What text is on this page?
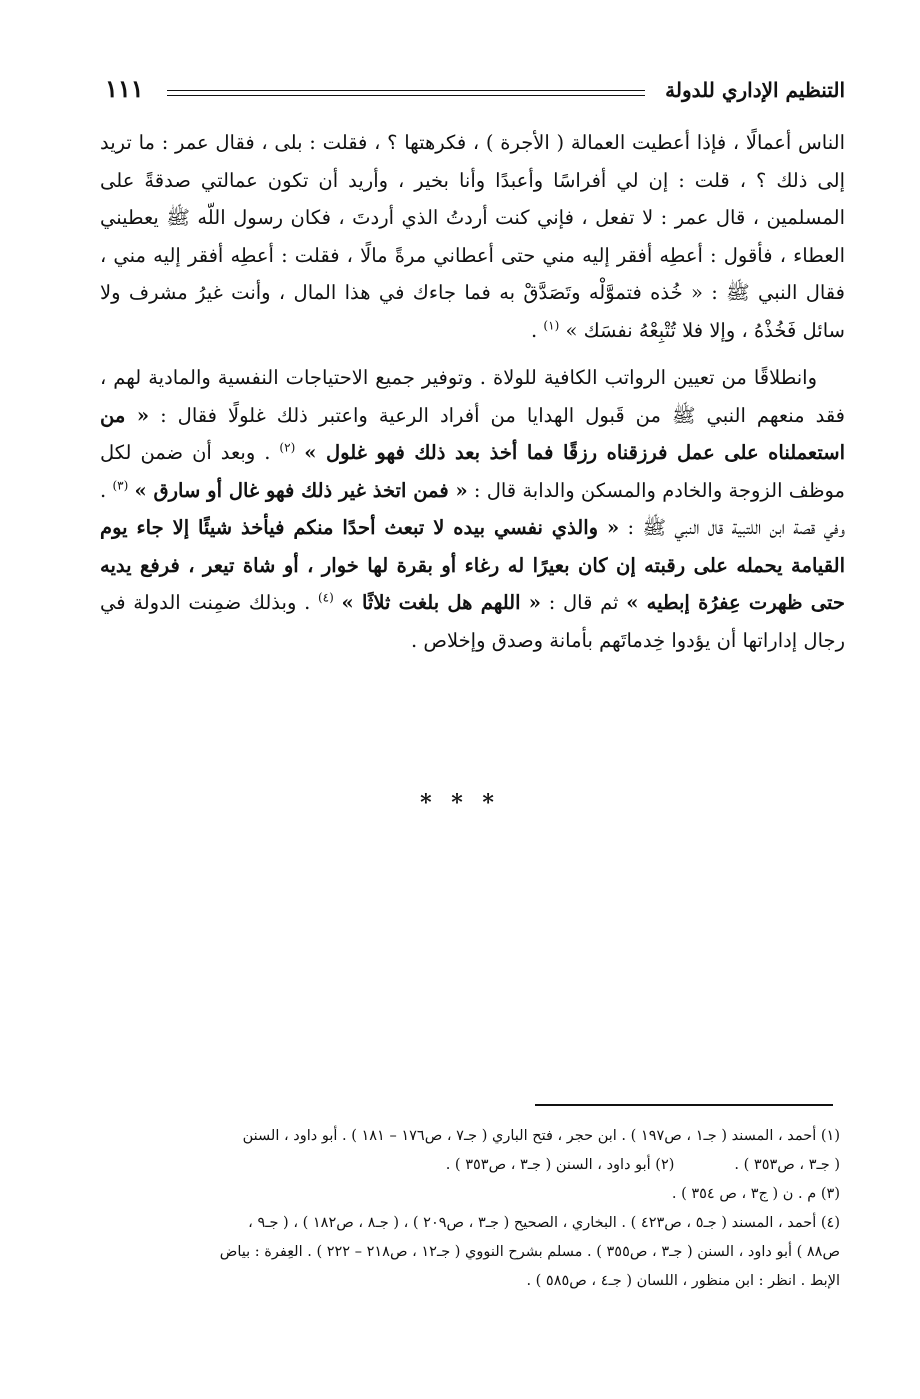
التنظيم الإداري للدولة
١١١

الناس أعمالًا ، فإذا أعطيت العمالة ( الأجرة ) ، فكرهتها ؟ ، فقلت : بلى ، فقال عمر : ما تريد إلى ذلك ؟ ، قلت : إن لي أفراسًا وأعبدًا وأنا بخير ، وأريد أن تكون عمالتي صدقةً على المسلمين ، قال عمر : لا تفعل ، فإني كنت أردتُ الذي أردتَ ، فكان رسول اللّه ﷺ يعطيني العطاء ، فأقول : أعطِه أفقر إليه مني حتى أعطاني مرةً مالًا ، فقلت : أعطِه أفقر إليه مني ، فقال النبي ﷺ : « خُذه فتموَّلْه وتَصَدَّقْ به فما جاءك في هذا المال ، وأنت غيرُ مشرف ولا سائل فَخُذْهُ ، وإلا فلا تُتْبِعْهُ نفسَك » $^{(١)}$ .

وانطلاقًا من تعيين الرواتب الكافية للولاة . وتوفير جميع الاحتياجات النفسية والمادية لهم ، فقد منعهم النبي ﷺ من قَبول الهدايا من أفراد الرعية واعتبر ذلك غلولًا فقال : « من استعملناه على عمل فرزقناه رزقًا فما أخذ بعد ذلك فهو غلول » $^{(٢)}$ . وبعد أن ضمن لكل موظف الزوجة والخادم والمسكن والدابة قال : « فمن اتخذ غير ذلك فهو غال أو سارق » $^{(٣)}$ . وفي قصة ابن اللتبية قال النبي ﷺ : « والذي نفسي بيده لا تبعث أحدًا منكم فيأخذ شيئًا إلا جاء يوم القيامة يحمله على رقبته إن كان بعيرًا له رغاء أو بقرة لها خوار ، أو شاة تيعر ، فرفع يديه حتى ظهرت عِفرُة إبطيه » ثم قال : « اللهم هل بلغت ثلاثًا » $^{(٤)}$ . وبذلك ضمِنت الدولة في رجال إداراتها أن يؤدوا خِدماتَهم بأمانة وصدق وإخلاص .

* * *

(١) أحمد ، المسند ( جـ١ ، ص١٩٧ ) . ابن حجر ، فتح الباري ( جـ٧ ، ص١٧٦ – ١٨١ ) . أبو داود ، السنن

( جـ٣ ، ص٣٥٣ ) .

(٢) أبو داود ، السنن ( جـ٣ ، ص٣٥٣ ) .

(٣) م . ن ( ج٣ ، ص ٣٥٤ ) .

(٤) أحمد ، المسند ( جـ٥ ، ص٤٢٣ ) . البخاري ، الصحيح ( جـ٣ ، ص٢٠٩ ) ، ( جـ٨ ، ص١٨٢ ) ، ( جـ٩ ،

ص٨٨ ) أبو داود ، السنن ( جـ٣ ، ص٣٥٥ ) . مسلم بشرح النووي ( جـ١٢ ، ص٢١٨ – ٢٢٢ ) . العِفرة : بياض

الإبط . انظر : ابن منظور ، اللسان ( جـ٤ ، ص٥٨٥ ) .
